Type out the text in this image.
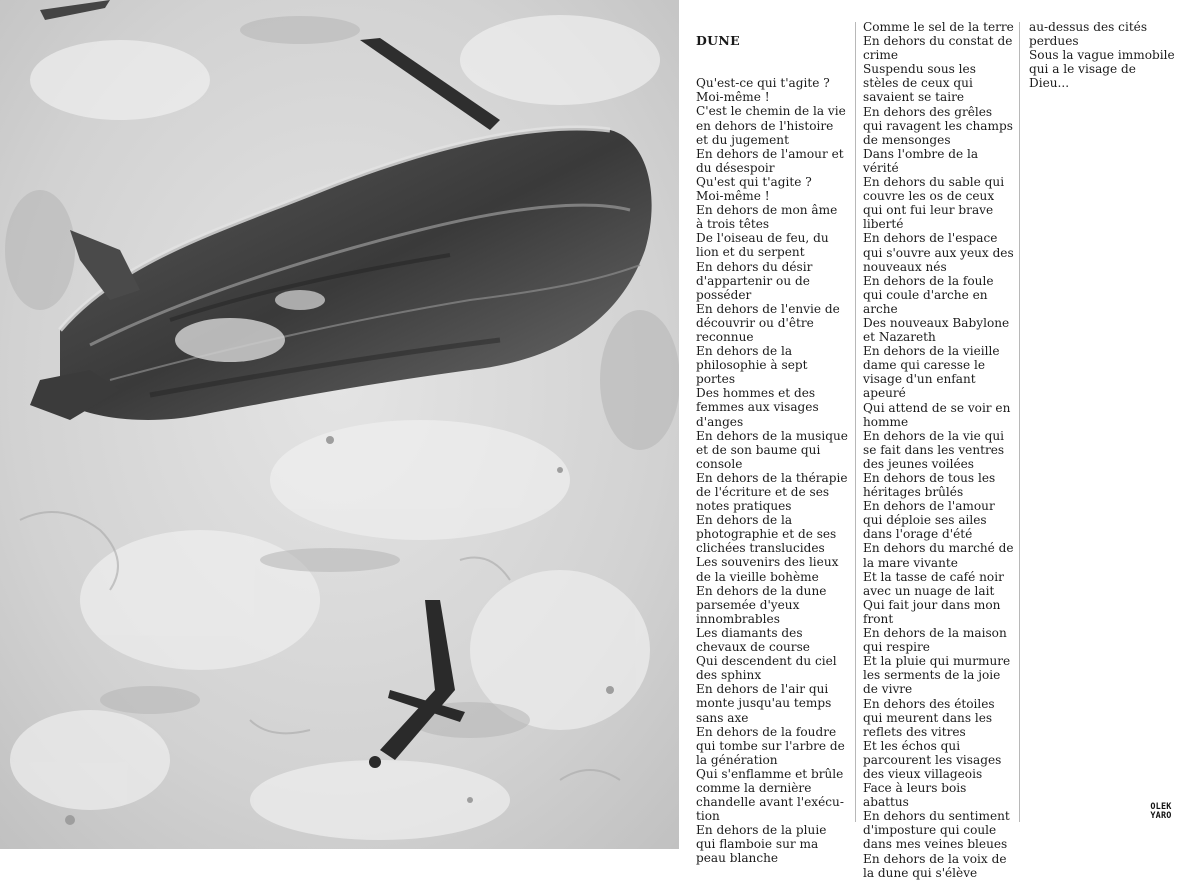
DUNE

Qu'est-ce qui t'agite ?
Moi-même !
C'est le chemin de la vie en dehors de l'histoire et du jugement
En dehors de l'amour et du désespoir
Qu'est qui t'agite ?
Moi-même !
En dehors de mon âme à trois têtes
De l'oiseau de feu, du lion et du serpent
En dehors du désir d'appartenir ou de posséder
En dehors de l'envie de découvrir ou d'être reconnue
En dehors de la philosophie à sept portes
Des hommes et des femmes aux visages d'anges
En dehors de la musique et de son baume qui console
En dehors de la thérapie de l'écriture et de ses notes pratiques
En dehors de la photographie et de ses clichées translucides
Les souvenirs des lieux de la vieille bohème
En dehors de la dune parsemée d'yeux innombrables
Les diamants des chevaux de course
Qui descendent du ciel des sphinx
En dehors de l'air qui monte jusqu'au temps sans axe
En dehors de la foudre qui tombe sur l'arbre de la génération
Qui s'enflamme et brûle comme la dernière chandelle avant l'exécu-tion
En dehors de la pluie qui flamboie sur ma peau blanche

Comme le sel de la terre
En dehors du constat de crime
Suspendu sous les stèles de ceux qui savaient se taire
En dehors des grêles qui ravagent les champs de mensonges
Dans l'ombre de la vérité
En dehors du sable qui couvre les os de ceux qui ont fui leur brave liberté
En dehors de l'espace qui s'ouvre aux yeux des nouveaux nés
En dehors de la foule qui coule d'arche en arche
Des nouveaux Babylone et Nazareth
En dehors de la vieille dame qui caresse le visage d'un enfant apeuré
Qui attend de se voir en homme
En dehors de la vie qui se fait dans les ventres des jeunes voilées
En dehors de tous les héritages brûlés
En dehors de l'amour qui déploie ses ailes dans l'orage d'été
En dehors du marché de la mare vivante
Et la tasse de café noir avec un nuage de lait
Qui fait jour dans mon front
En dehors de la maison qui respire
Et la pluie qui murmure les serments de la joie de vivre
En dehors des étoiles qui meurent dans les reflets des vitres
Et les échos qui parcourent les visages des vieux villageois
Face à leurs bois abattus
En dehors du sentiment d'imposture qui coule dans mes veines bleues
En dehors de la voix de la dune qui s'élève
au-dessus des cités perdues
Sous la vague immobile qui a le visage de Dieu...
OLEK
YARO
